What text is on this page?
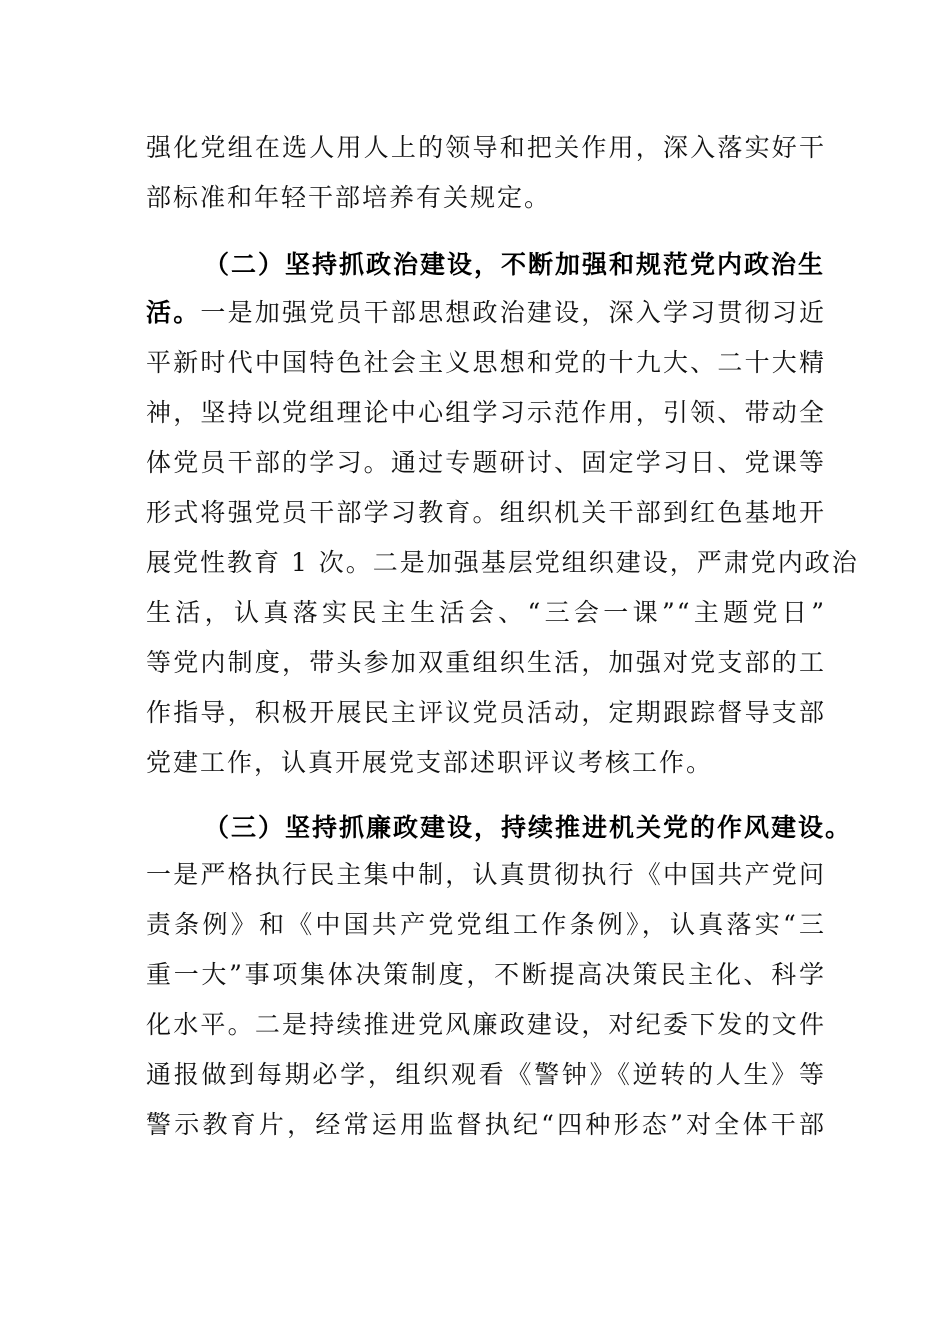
强化党组在选人用人上的领导和把关作用，深入落实好干
部标准和年轻干部培养有关规定。
（二）坚持抓政治建设，不断加强和规范党内政治生
活。一是加强党员干部思想政治建设，深入学习贯彻习近
平新时代中国特色社会主义思想和党的十九大、二十大精
神，坚持以党组理论中心组学习示范作用，引领、带动全
体党员干部的学习。通过专题研讨、固定学习日、党课等
形式将强党员干部学习教育。组织机关干部到红色基地开
展党性教育 1 次。二是加强基层党组织建设，严肃党内政治
生活，认真落实民主生活会、“三会一课”“主题党日”
等党内制度，带头参加双重组织生活，加强对党支部的工
作指导，积极开展民主评议党员活动，定期跟踪督导支部
党建工作，认真开展党支部述职评议考核工作。
（三）坚持抓廉政建设，持续推进机关党的作风建设。
一是严格执行民主集中制，认真贯彻执行《中国共产党问
责条例》和《中国共产党党组工作条例》，认真落实“三
重一大”事项集体决策制度，不断提高决策民主化、科学
化水平。二是持续推进党风廉政建设，对纪委下发的文件
通报做到每期必学，组织观看《警钟》《逆转的人生》等
警示教育片，经常运用监督执纪“四种形态”对全体干部
